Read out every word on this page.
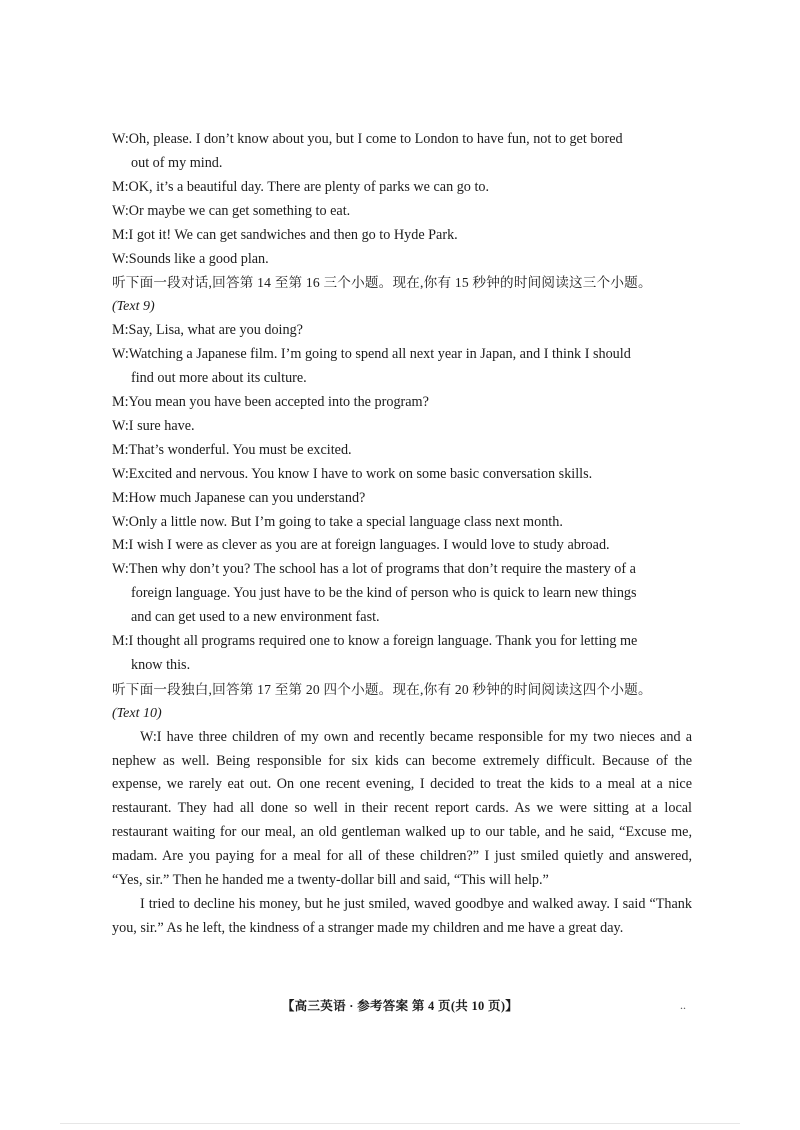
W:Oh, please. I don’t know about you, but I come to London to have fun, not to get bored
out of my mind.
M:OK, it’s a beautiful day. There are plenty of parks we can go to.
W:Or maybe we can get something to eat.
M:I got it! We can get sandwiches and then go to Hyde Park.
W:Sounds like a good plan.
听下面一段对话,回答第 14 至第 16 三个小题。现在,你有 15 秒钟的时间阅读这三个小题。
(Text 9)
M:Say, Lisa, what are you doing?
W:Watching a Japanese film. I’m going to spend all next year in Japan, and I think I should
find out more about its culture.
M:You mean you have been accepted into the program?
W:I sure have.
M:That’s wonderful. You must be excited.
W:Excited and nervous. You know I have to work on some basic conversation skills.
M:How much Japanese can you understand?
W:Only a little now. But I’m going to take a special language class next month.
M:I wish I were as clever as you are at foreign languages. I would love to study abroad.
W:Then why don’t you? The school has a lot of programs that don’t require the mastery of a
foreign language. You just have to be the kind of person who is quick to learn new things
and can get used to a new environment fast.
M:I thought all programs required one to know a foreign language. Thank you for letting me
know this.
听下面一段独白,回答第 17 至第 20 四个小题。现在,你有 20 秒钟的时间阅读这四个小题。
(Text 10)
W:I have three children of my own and recently became responsible for my two nieces and a nephew as well. Being responsible for six kids can become extremely difficult. Because of the expense, we rarely eat out. On one recent evening, I decided to treat the kids to a meal at a nice restaurant. They had all done so well in their recent report cards. As we were sitting at a local restaurant waiting for our meal, an old gentleman walked up to our table, and he said, “Excuse me, madam. Are you paying for a meal for all of these children?” I just smiled quietly and answered, “Yes, sir.” Then he handed me a twenty-dollar bill and said, “This will help.”
I tried to decline his money, but he just smiled, waved goodbye and walked away. I said “Thank you, sir.” As he left, the kindness of a stranger made my children and me have a great day.
【高三英语 · 参考答案 第 4 页(共 10 页)】	..
